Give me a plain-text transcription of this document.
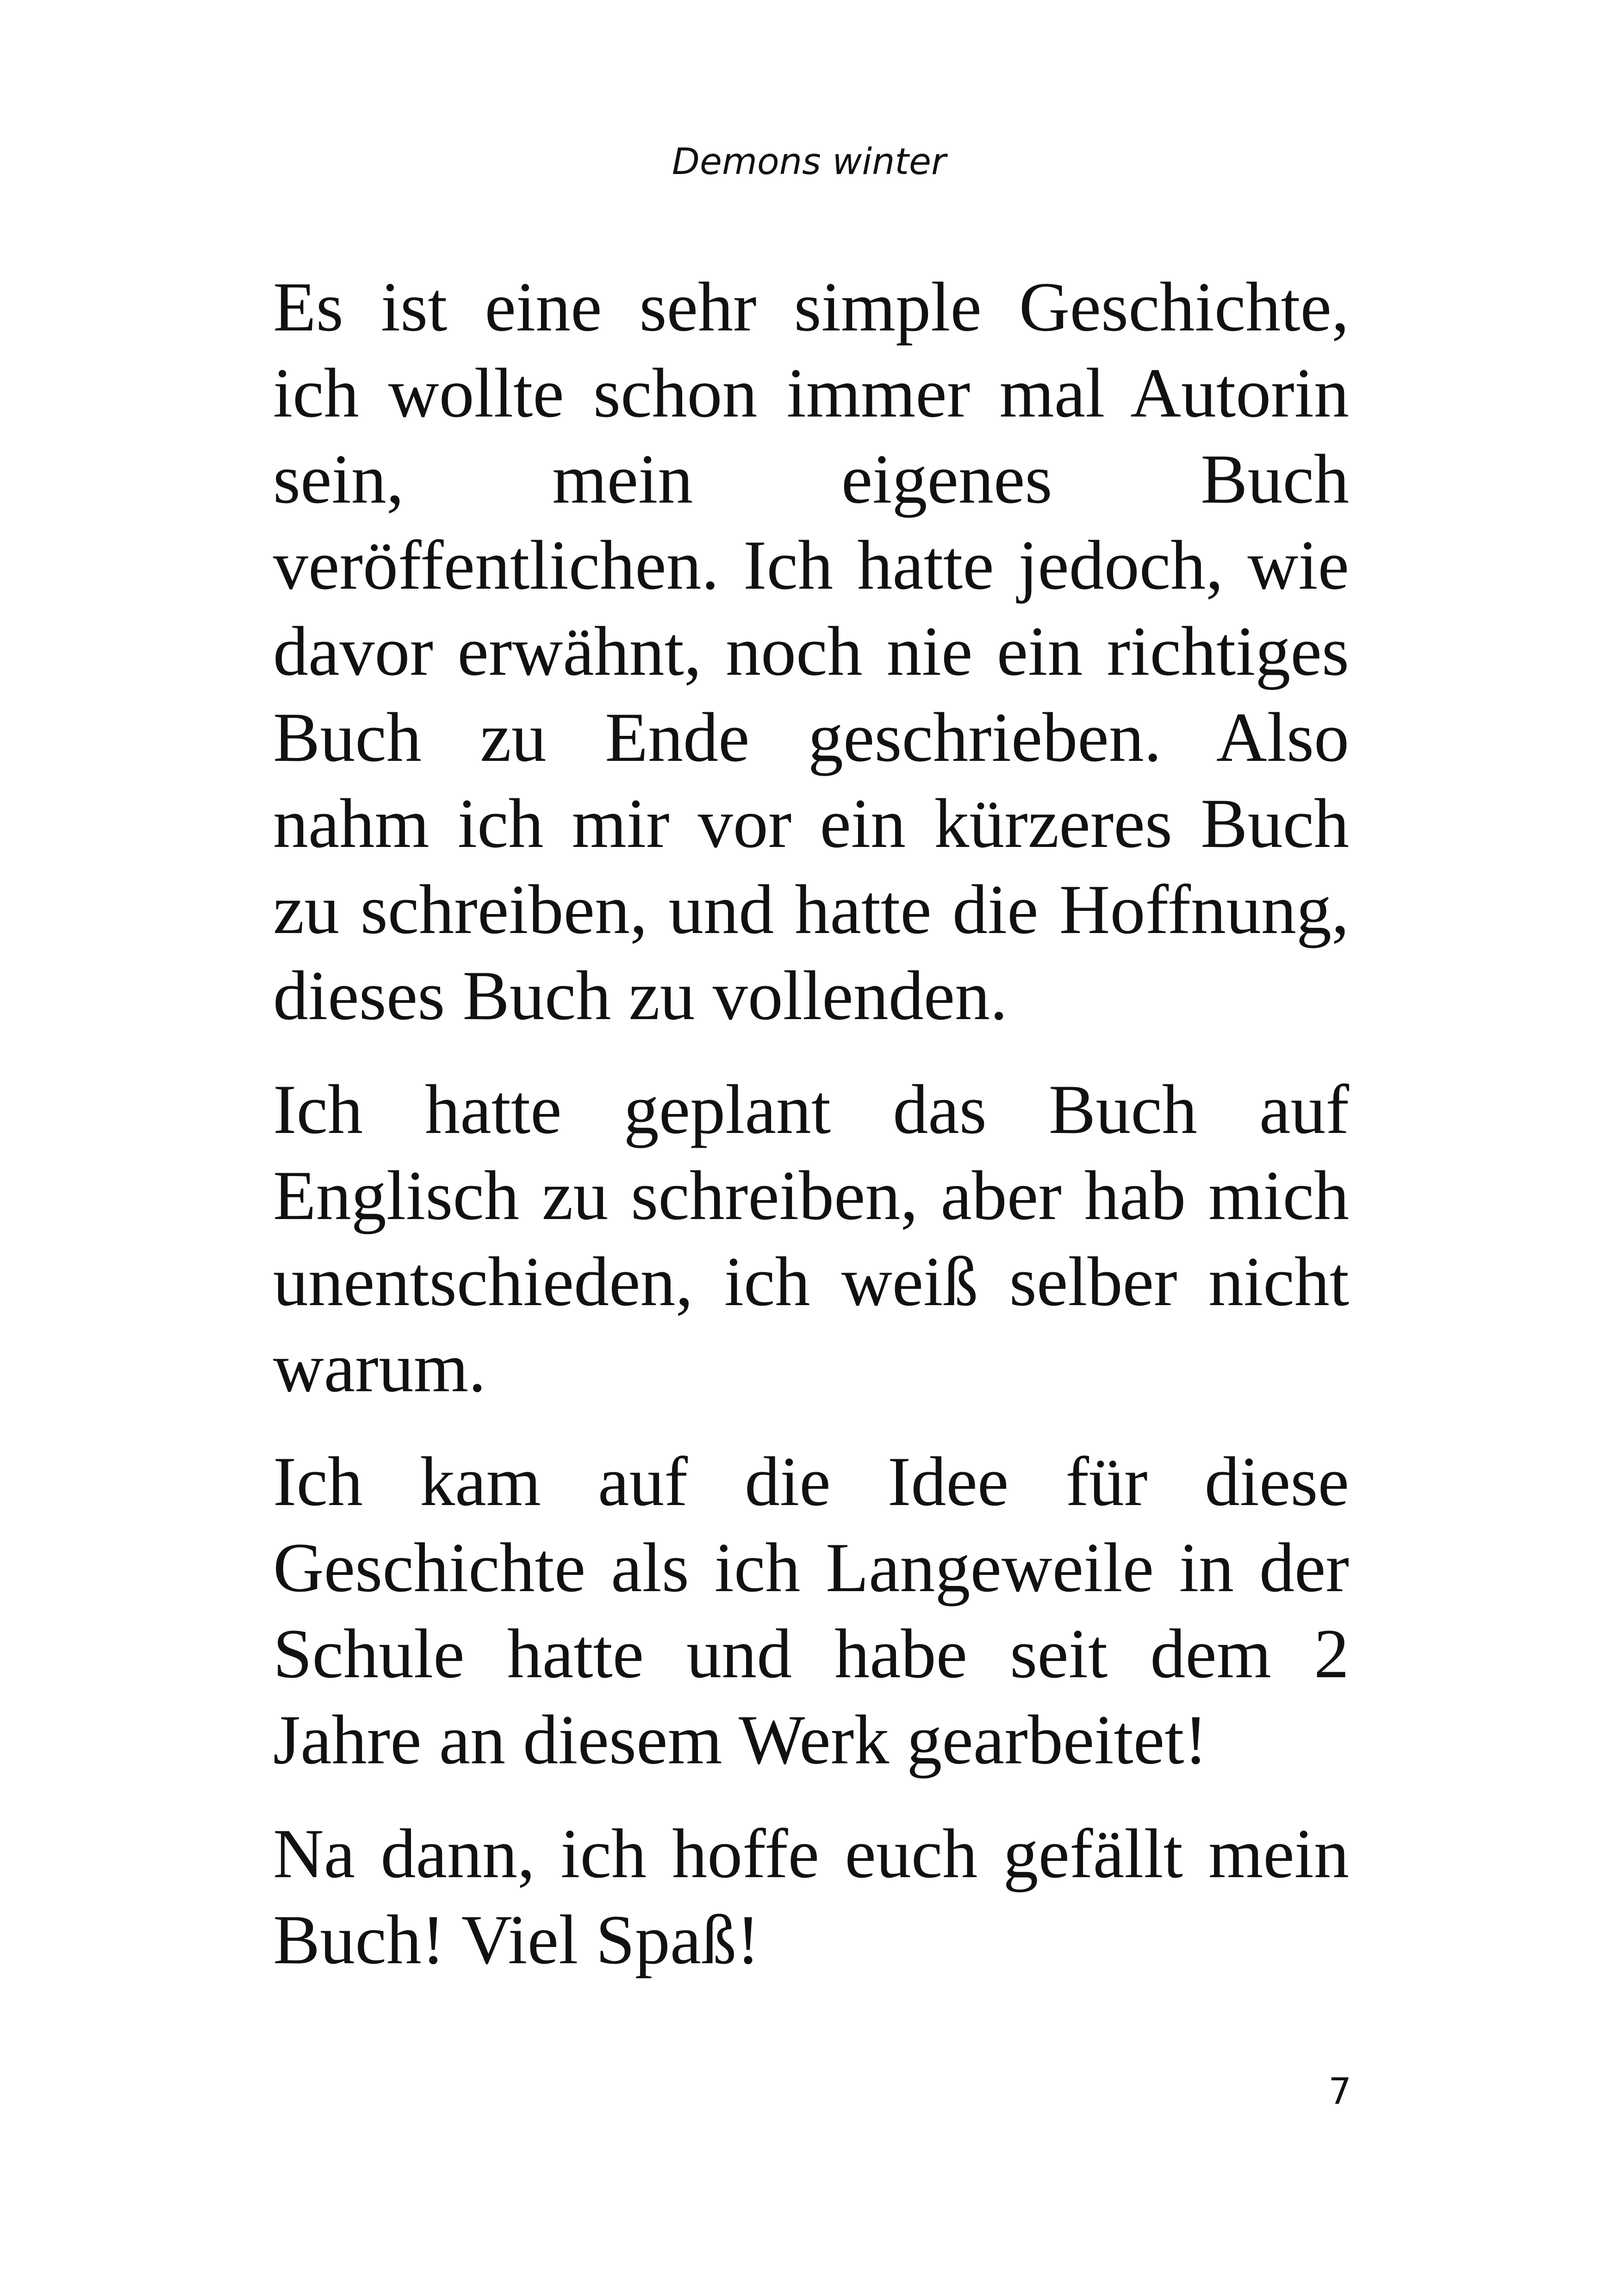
Demons winter

Es ist eine sehr simple Geschichte, ich wollte schon immer mal Autorin sein, mein eigenes Buch veröffentlichen. Ich hatte jedoch, wie davor erwähnt, noch nie ein richtiges Buch zu Ende geschrieben. Also nahm ich mir vor ein kürzeres Buch zu schreiben, und hatte die Hoffnung, dieses Buch zu vollenden.

Ich hatte geplant das Buch auf Englisch zu schreiben, aber hab mich unentschieden, ich weiß selber nicht warum.

Ich kam auf die Idee für diese Geschichte als ich Langeweile in der Schule hatte und habe seit dem 2 Jahre an diesem Werk gearbeitet!

Na dann, ich hoffe euch gefällt mein Buch! Viel Spaß!

7
